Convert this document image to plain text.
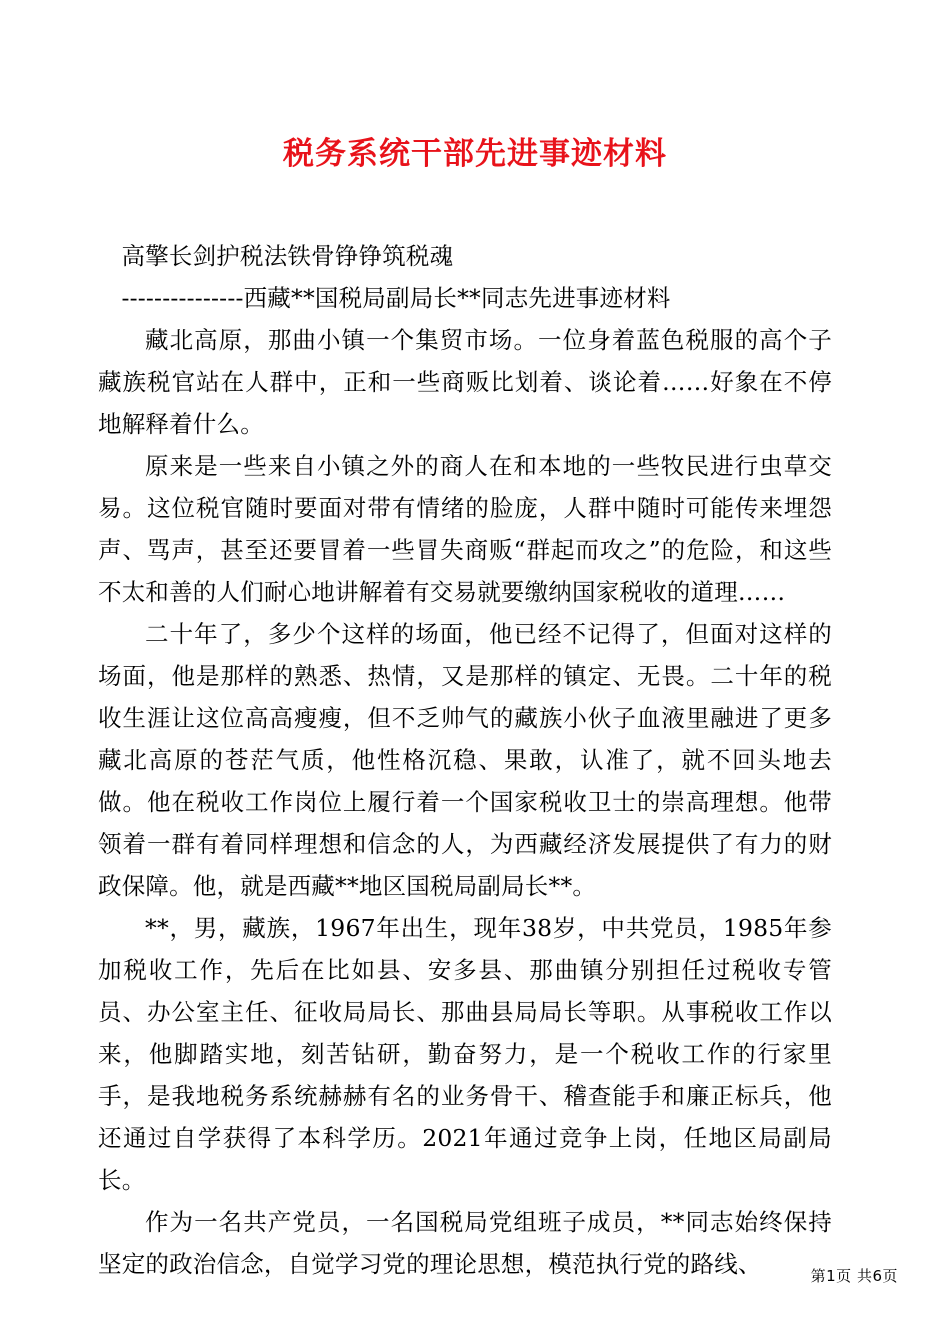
税务系统干部先进事迹材料

高擎长剑护税法铁骨铮铮筑税魂

---------------西藏**国税局副局长**同志先进事迹材料

藏北高原，那曲小镇一个集贸市场。一位身着蓝色税服的高个子藏族税官站在人群中，正和一些商贩比划着、谈论着……好象在不停地解释着什么。

原来是一些来自小镇之外的商人在和本地的一些牧民进行虫草交易。这位税官随时要面对带有情绪的脸庞，人群中随时可能传来埋怨声、骂声，甚至还要冒着一些冒失商贩“群起而攻之”的危险，和这些不太和善的人们耐心地讲解着有交易就要缴纳国家税收的道理……

二十年了，多少个这样的场面，他已经不记得了，但面对这样的场面，他是那样的熟悉、热情，又是那样的镇定、无畏。二十年的税收生涯让这位高高瘦瘦，但不乏帅气的藏族小伙子血液里融进了更多藏北高原的苍茫气质，他性格沉稳、果敢，认准了，就不回头地去做。他在税收工作岗位上履行着一个国家税收卫士的崇高理想。他带领着一群有着同样理想和信念的人，为西藏经济发展提供了有力的财政保障。他，就是西藏**地区国税局副局长**。

**，男，藏族，1967年出生，现年38岁，中共党员，1985年参加税收工作，先后在比如县、安多县、那曲镇分别担任过税收专管员、办公室主任、征收局局长、那曲县局局长等职。从事税收工作以来，他脚踏实地，刻苦钻研，勤奋努力，是一个税收工作的行家里手，是我地税务系统赫赫有名的业务骨干、稽查能手和廉正标兵，他还通过自学获得了本科学历。2021年通过竞争上岗，任地区局副局长。

作为一名共产党员，一名国税局党组班子成员，**同志始终保持坚定的政治信念，自觉学习党的理论思想，模范执行党的路线、	第1页 共6页
